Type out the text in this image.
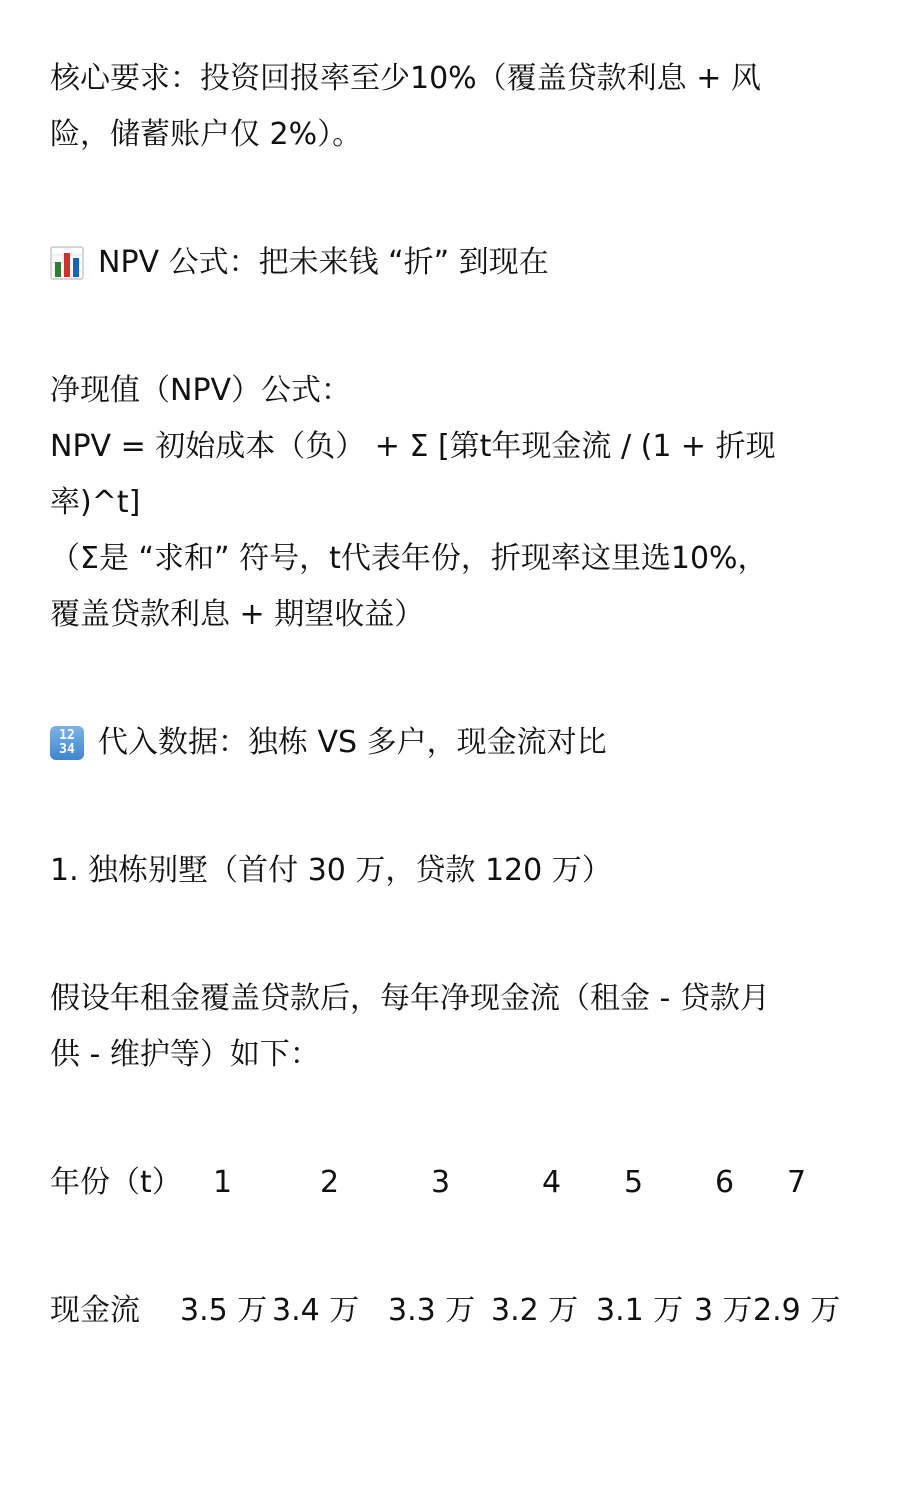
核心要求：投资回报率至少10%（覆盖贷款利息 + 风

险，储蓄账户仅 2%）。

NPV 公式：把未来钱 “折” 到现在

净现值（NPV）公式：

NPV = 初始成本（负） + Σ [第t年现金流 / (1 + 折现

率)^t]

（Σ是 “求和” 符号，t代表年份，折现率这里选10%，

覆盖贷款利息 + 期望收益）

12
34 代入数据：独栋 VS 多户，现金流对比

1. 独栋别墅（首付 30 万，贷款 120 万）

假设年租金覆盖贷款后，每年净现金流（租金 - 贷款月

供 - 维护等）如下：

年份（t） 1	2	3	4 5 6 7
现金流 3.5 万 3.4 万 3.3 万 3.2 万 3.1 万 3 万 2.9 万
